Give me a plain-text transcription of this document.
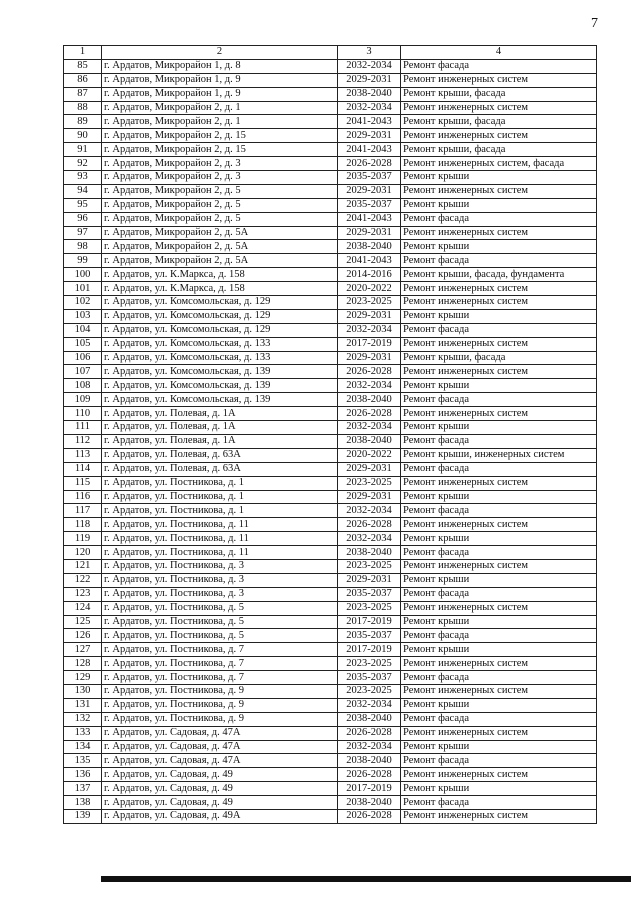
7
1	2	3	4
85	г. Ардатов, Микрорайон 1, д. 8	2032-2034	Ремонт фасада
86	г. Ардатов, Микрорайон 1, д. 9	2029-2031	Ремонт инженерных систем
87	г. Ардатов, Микрорайон 1, д. 9	2038-2040	Ремонт крыши, фасада
88	г. Ардатов, Микрорайон 2, д. 1	2032-2034	Ремонт инженерных систем
89	г. Ардатов, Микрорайон 2, д. 1	2041-2043	Ремонт крыши, фасада
90	г. Ардатов, Микрорайон 2, д. 15	2029-2031	Ремонт инженерных систем
91	г. Ардатов, Микрорайон 2, д. 15	2041-2043	Ремонт крыши, фасада
92	г. Ардатов, Микрорайон 2, д. 3	2026-2028	Ремонт инженерных систем, фасада
93	г. Ардатов, Микрорайон 2, д. 3	2035-2037	Ремонт крыши
94	г. Ардатов, Микрорайон 2, д. 5	2029-2031	Ремонт инженерных систем
95	г. Ардатов, Микрорайон 2, д. 5	2035-2037	Ремонт крыши
96	г. Ардатов, Микрорайон 2, д. 5	2041-2043	Ремонт фасада
97	г. Ардатов, Микрорайон 2, д. 5А	2029-2031	Ремонт инженерных систем
98	г. Ардатов, Микрорайон 2, д. 5А	2038-2040	Ремонт крыши
99	г. Ардатов, Микрорайон 2, д. 5А	2041-2043	Ремонт фасада
100	г. Ардатов, ул. К.Маркса, д. 158	2014-2016	Ремонт крыши, фасада, фундамента
101	г. Ардатов, ул. К.Маркса, д. 158	2020-2022	Ремонт инженерных систем
102	г. Ардатов, ул. Комсомольская, д. 129	2023-2025	Ремонт инженерных систем
103	г. Ардатов, ул. Комсомольская, д. 129	2029-2031	Ремонт крыши
104	г. Ардатов, ул. Комсомольская, д. 129	2032-2034	Ремонт фасада
105	г. Ардатов, ул. Комсомольская, д. 133	2017-2019	Ремонт инженерных систем
106	г. Ардатов, ул. Комсомольская, д. 133	2029-2031	Ремонт крыши, фасада
107	г. Ардатов, ул. Комсомольская, д. 139	2026-2028	Ремонт инженерных систем
108	г. Ардатов, ул. Комсомольская, д. 139	2032-2034	Ремонт крыши
109	г. Ардатов, ул. Комсомольская, д. 139	2038-2040	Ремонт фасада
110	г. Ардатов, ул. Полевая, д. 1А	2026-2028	Ремонт инженерных систем
111	г. Ардатов, ул. Полевая, д. 1А	2032-2034	Ремонт крыши
112	г. Ардатов, ул. Полевая, д. 1А	2038-2040	Ремонт фасада
113	г. Ардатов, ул. Полевая, д. 63А	2020-2022	Ремонт крыши, инженерных систем
114	г. Ардатов, ул. Полевая, д. 63А	2029-2031	Ремонт фасада
115	г. Ардатов, ул. Постникова, д. 1	2023-2025	Ремонт инженерных систем
116	г. Ардатов, ул. Постникова, д. 1	2029-2031	Ремонт крыши
117	г. Ардатов, ул. Постникова, д. 1	2032-2034	Ремонт фасада
118	г. Ардатов, ул. Постникова, д. 11	2026-2028	Ремонт инженерных систем
119	г. Ардатов, ул. Постникова, д. 11	2032-2034	Ремонт крыши
120	г. Ардатов, ул. Постникова, д. 11	2038-2040	Ремонт фасада
121	г. Ардатов, ул. Постникова, д. 3	2023-2025	Ремонт инженерных систем
122	г. Ардатов, ул. Постникова, д. 3	2029-2031	Ремонт крыши
123	г. Ардатов, ул. Постникова, д. 3	2035-2037	Ремонт фасада
124	г. Ардатов, ул. Постникова, д. 5	2023-2025	Ремонт инженерных систем
125	г. Ардатов, ул. Постникова, д. 5	2017-2019	Ремонт крыши
126	г. Ардатов, ул. Постникова, д. 5	2035-2037	Ремонт фасада
127	г. Ардатов, ул. Постникова, д. 7	2017-2019	Ремонт крыши
128	г. Ардатов, ул. Постникова, д. 7	2023-2025	Ремонт инженерных систем
129	г. Ардатов, ул. Постникова, д. 7	2035-2037	Ремонт фасада
130	г. Ардатов, ул. Постникова, д. 9	2023-2025	Ремонт инженерных систем
131	г. Ардатов, ул. Постникова, д. 9	2032-2034	Ремонт крыши
132	г. Ардатов, ул. Постникова, д. 9	2038-2040	Ремонт фасада
133	г. Ардатов, ул. Садовая, д. 47А	2026-2028	Ремонт инженерных систем
134	г. Ардатов, ул. Садовая, д. 47А	2032-2034	Ремонт крыши
135	г. Ардатов, ул. Садовая, д. 47А	2038-2040	Ремонт фасада
136	г. Ардатов, ул. Садовая, д. 49	2026-2028	Ремонт инженерных систем
137	г. Ардатов, ул. Садовая, д. 49	2017-2019	Ремонт крыши
138	г. Ардатов, ул. Садовая, д. 49	2038-2040	Ремонт фасада
139	г. Ардатов, ул. Садовая, д. 49А	2026-2028	Ремонт инженерных систем
